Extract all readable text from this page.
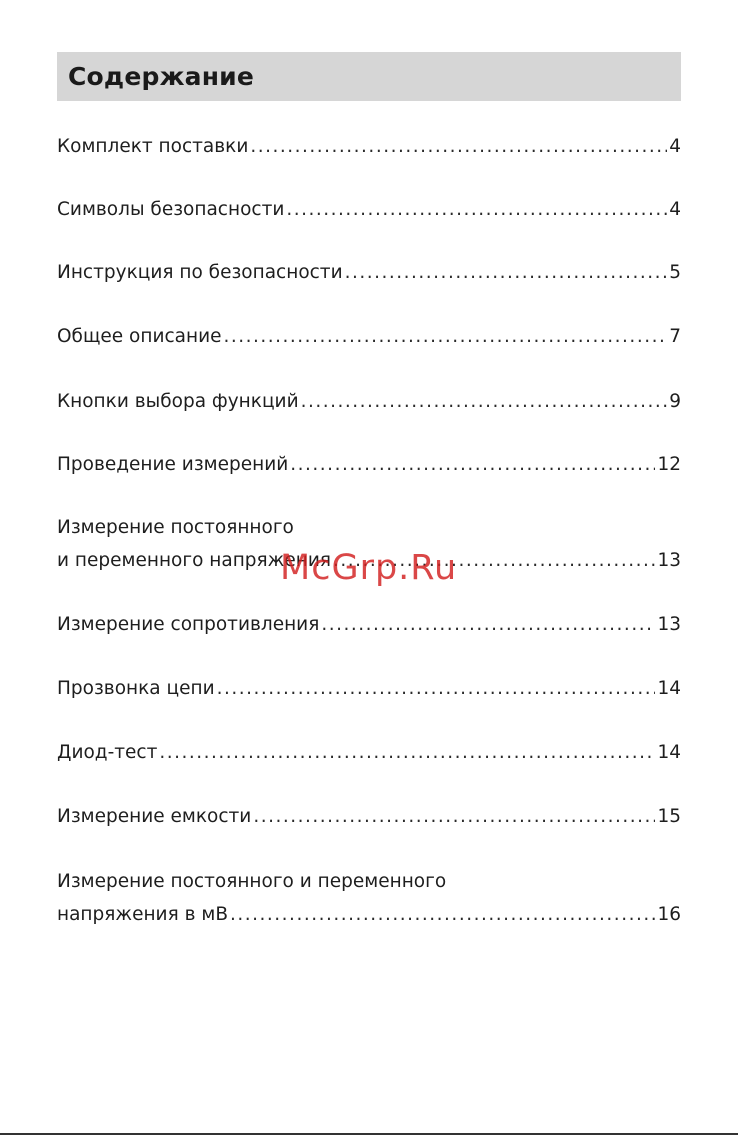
Содержание
Комплект поставки .....	4
Символы безопасности .....	4
Инструкция по безопасности .....	5
Общее описание .....	7
Кнопки выбора функций .....	9
Проведение измерений .....	12
Измерение постоянного
и переменного напряжения .....	13
Измерение сопротивления .....	13
Прозвонка цепи .....	14
Диод-тест .....	14
Измерение емкости .....	15
Измерение постоянного и переменного
напряжения в мВ .....	16
McGrp.Ru
